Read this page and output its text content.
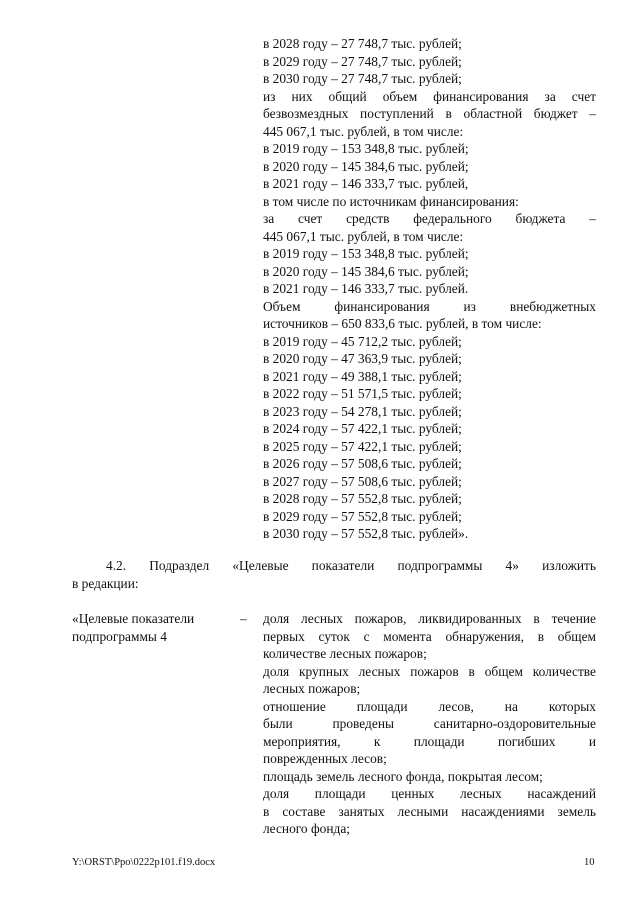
в 2028 году – 27 748,7 тыс. рублей;
в 2029 году – 27 748,7 тыс. рублей;
в 2030 году – 27 748,7 тыс. рублей;
из них общий объем финансирования за счет
безвозмездных поступлений в областной бюджет –
445 067,1 тыс. рублей, в том числе:
в 2019 году – 153 348,8 тыс. рублей;
в 2020 году – 145 384,6 тыс. рублей;
в 2021 году – 146 333,7 тыс. рублей,
в том числе по источникам финансирования:
за счет средств федерального бюджета –
445 067,1 тыс. рублей, в том числе:
в 2019 году – 153 348,8 тыс. рублей;
в 2020 году – 145 384,6 тыс. рублей;
в 2021 году – 146 333,7 тыс. рублей.
Объем финансирования из внебюджетных
источников – 650 833,6 тыс. рублей, в том числе:
в 2019 году – 45 712,2 тыс. рублей;
в 2020 году – 47 363,9 тыс. рублей;
в 2021 году – 49 388,1 тыс. рублей;
в 2022 году – 51 571,5 тыс. рублей;
в 2023 году – 54 278,1 тыс. рублей;
в 2024 году – 57 422,1 тыс. рублей;
в 2025 году – 57 422,1 тыс. рублей;
в 2026 году – 57 508,6 тыс. рублей;
в 2027 году – 57 508,6 тыс. рублей;
в 2028 году – 57 552,8 тыс. рублей;
в 2029 году – 57 552,8 тыс. рублей;
в 2030 году – 57 552,8 тыс. рублей».
4.2. Подраздел «Целевые показатели подпрограммы 4» изложить
в редакции:
«Целевые показатели
подпрограммы 4
– доля лесных пожаров, ликвидированных в течение
первых суток с момента обнаружения, в общем
количестве лесных пожаров;
доля крупных лесных пожаров в общем количестве
лесных пожаров;
отношение площади лесов, на которых
были проведены санитарно-оздоровительные
мероприятия, к площади погибших и
поврежденных лесов;
площадь земель лесного фонда, покрытая лесом;
доля площади ценных лесных насаждений
в составе занятых лесными насаждениями земель
лесного фонда;
Y:\ORST\Ppo\0222p101.f19.docx	10
